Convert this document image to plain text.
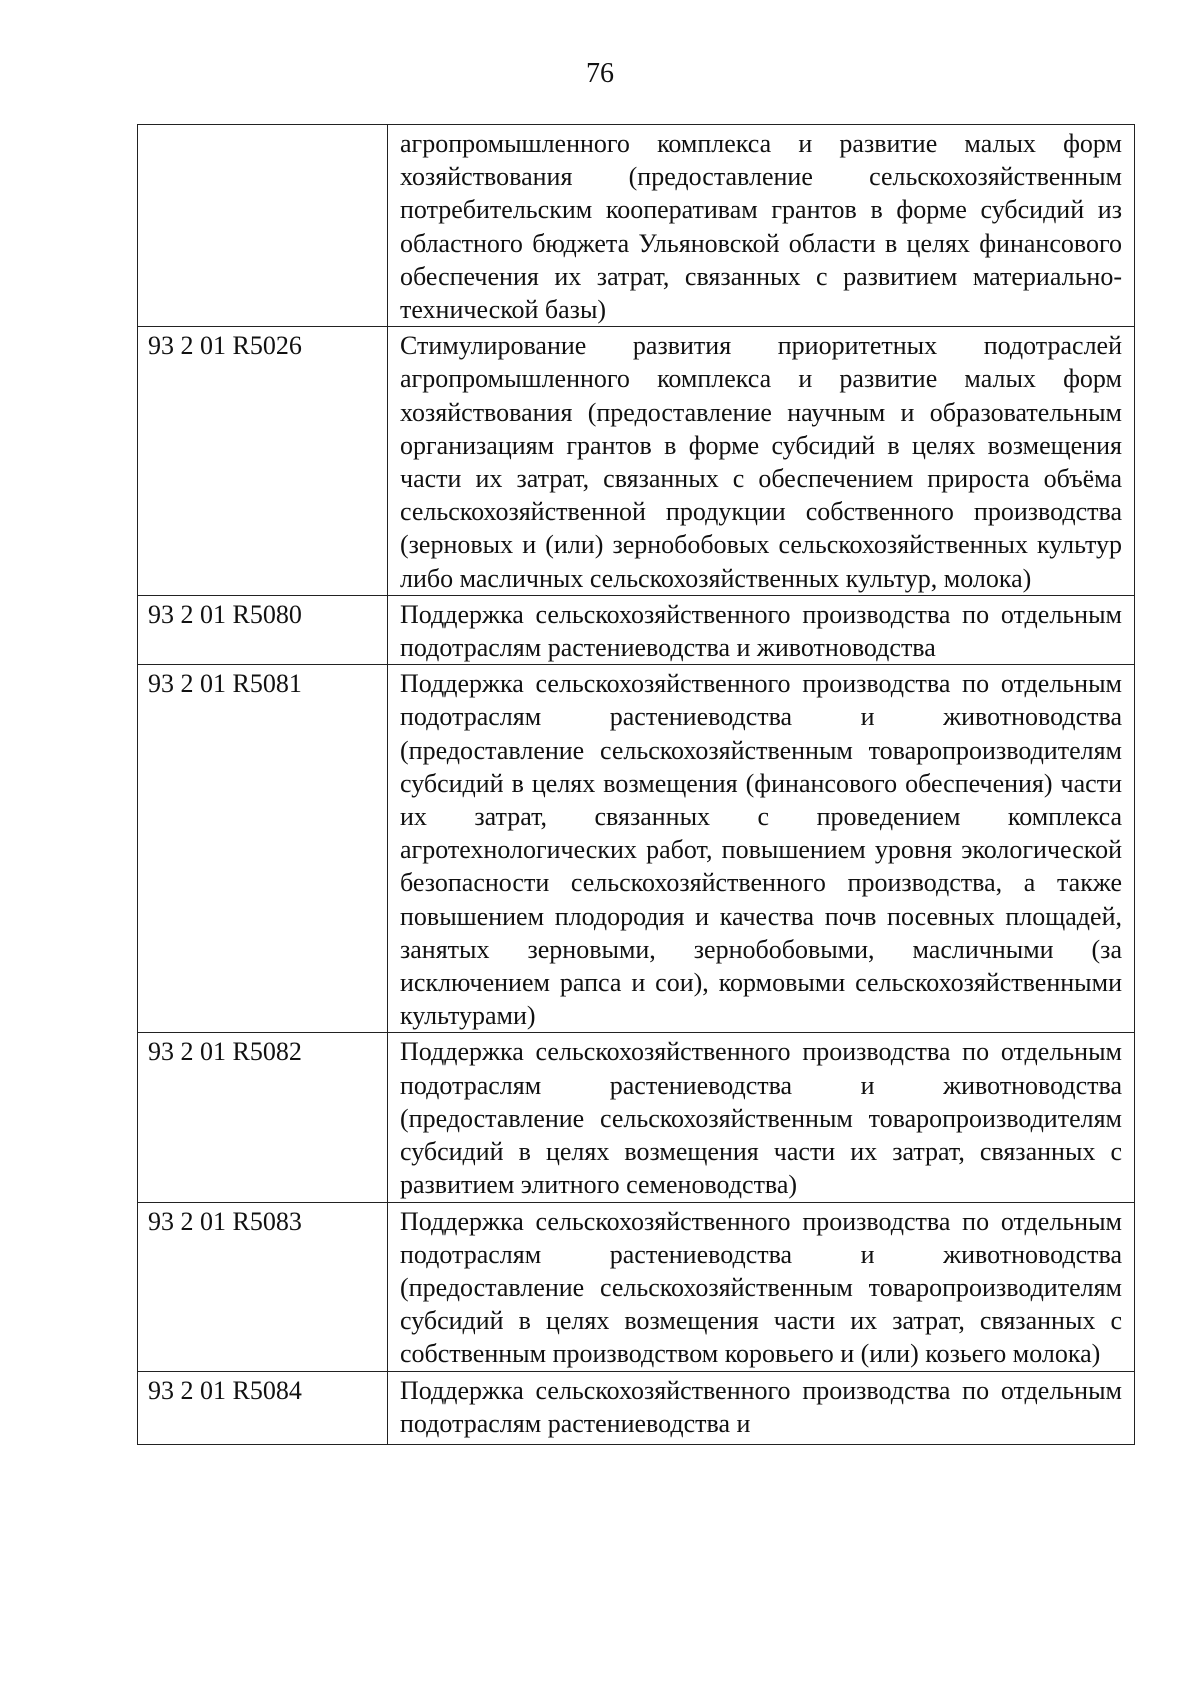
76
	агропромышленного комплекса и развитие малых форм хозяйствования (предоставление сельскохозяйственным потребительским кооперативам грантов в форме субсидий из областного бюджета Ульяновской области в целях финансового обеспечения их затрат, связанных с развитием материально-технической базы)
93 2 01 R5026	Стимулирование развития приоритетных подотраслей агропромышленного комплекса и развитие малых форм хозяйствования (предоставление научным и образовательным организациям грантов в форме субсидий в целях возмещения части их затрат, связанных с обеспечением прироста объёма сельскохозяйственной продукции собственного производства (зерновых и (или) зернобобовых сельскохозяйственных культур либо масличных сельскохозяйственных культур, молока)
93 2 01 R5080	Поддержка сельскохозяйственного производства по отдельным подотраслям растениеводства и животноводства
93 2 01 R5081	Поддержка сельскохозяйственного производства по отдельным подотраслям растениеводства и животноводства (предоставление сельскохозяйственным товаропроизводителям субсидий в целях возмещения (финансового обеспечения) части их затрат, связанных с проведением комплекса агротехнологических работ, повышением уровня экологической безопасности сельскохозяйственного производства, а также повышением плодородия и качества почв посевных площадей, занятых зерновыми, зернобобовыми, масличными (за исключением рапса и сои), кормовыми сельскохозяйственными культурами)
93 2 01 R5082	Поддержка сельскохозяйственного производства по отдельным подотраслям растениеводства и животноводства (предоставление сельскохозяйственным товаропроизводителям субсидий в целях возмещения части их затрат, связанных с развитием элитного семеноводства)
93 2 01 R5083	Поддержка сельскохозяйственного производства по отдельным подотраслям растениеводства и животноводства (предоставление сельскохозяйственным товаропроизводителям субсидий в целях возмещения части их затрат, связанных с собственным производством коровьего и (или) козьего молока)
93 2 01 R5084	Поддержка сельскохозяйственного производства по отдельным подотраслям растениеводства и
